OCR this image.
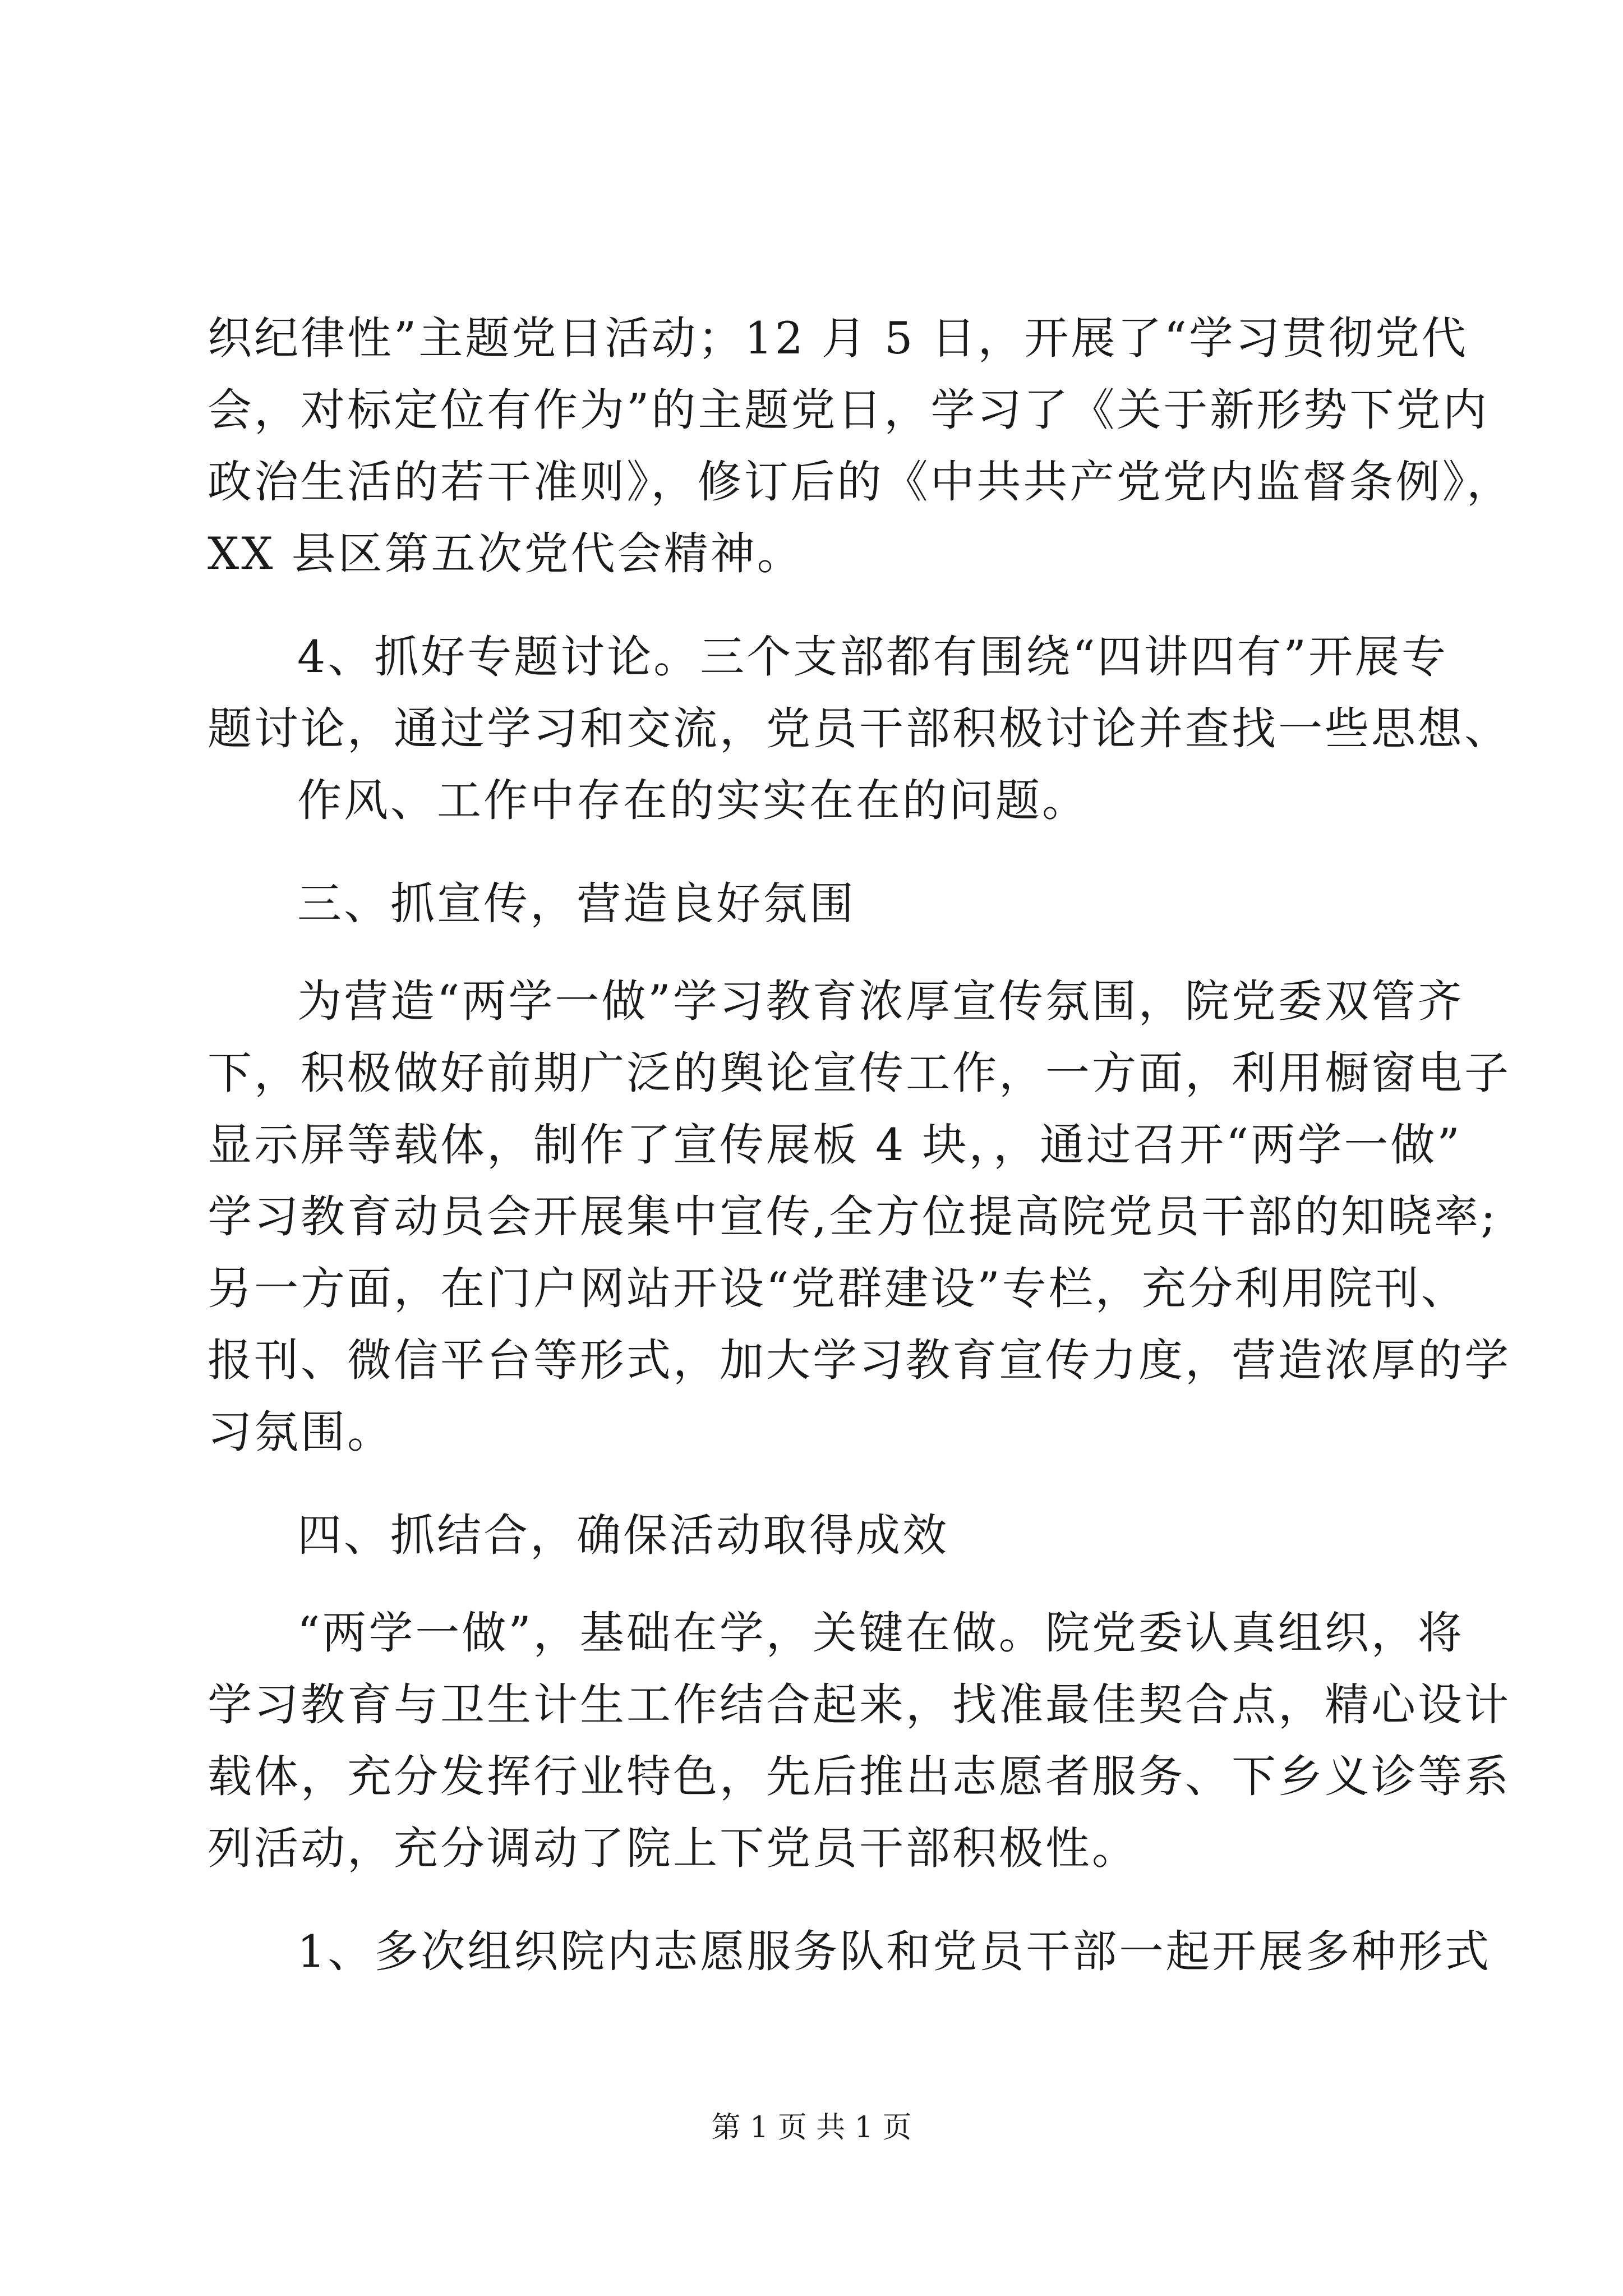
织纪律性”主题党日活动；12 月 5 日，开展了“学习贯彻党代
会，对标定位有作为”的主题党日，学习了《关于新形势下党内
政治生活的若干准则》，修订后的《中共共产党党内监督条例》，
XX 县区第五次党代会精神。
4、抓好专题讨论。三个支部都有围绕“四讲四有”开展专
题讨论，通过学习和交流，党员干部积极讨论并查找一些思想、
作风、工作中存在的实实在在的问题。
三、抓宣传，营造良好氛围
为营造“两学一做”学习教育浓厚宣传氛围，院党委双管齐
下，积极做好前期广泛的舆论宣传工作，一方面，利用橱窗电子
显示屏等载体，制作了宣传展板 4 块，，通过召开“两学一做”
学习教育动员会开展集中宣传,全方位提高院党员干部的知晓率;
另一方面，在门户网站开设“党群建设”专栏，充分利用院刊、
报刊、微信平台等形式，加大学习教育宣传力度，营造浓厚的学
习氛围。
四、抓结合，确保活动取得成效
“两学一做”，基础在学，关键在做。院党委认真组织，将
学习教育与卫生计生工作结合起来，找准最佳契合点，精心设计
载体，充分发挥行业特色，先后推出志愿者服务、下乡义诊等系
列活动，充分调动了院上下党员干部积极性。
1、多次组织院内志愿服务队和党员干部一起开展多种形式
第 1 页 共 1 页
